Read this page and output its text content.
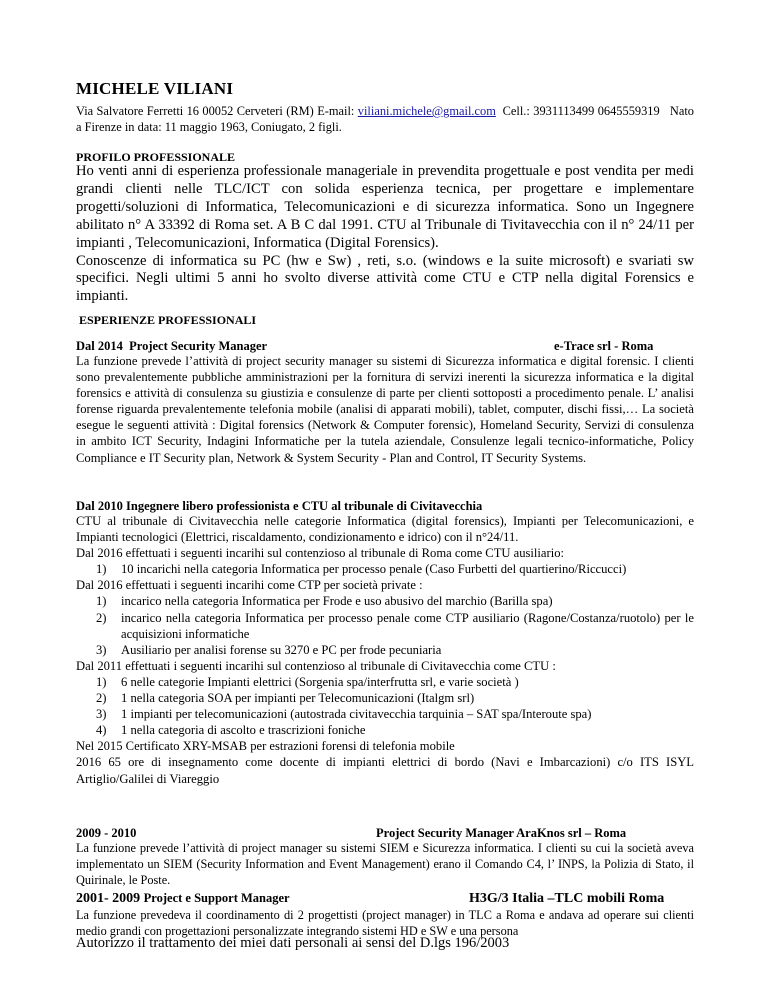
MICHELE VILIANI
Via Salvatore Ferretti 16 00052 Cerveteri (RM) E-mail: viliani.michele@gmail.com Cell.: 3931113499 0645559319 Nato a Firenze in data: 11 maggio 1963, Coniugato, 2 figli.
PROFILO PROFESSIONALE

Ho venti anni di esperienza professionale manageriale in prevendita progettuale e post vendita per medi grandi clienti nelle TLC/ICT con solida esperienza tecnica, per progettare e implementare progetti/soluzioni di Informatica, Telecomunicazioni e di sicurezza informatica. Sono un Ingegnere abilitato n° A 33392 di Roma set. A B C dal 1991. CTU al Tribunale di Tivitavecchia con il n° 24/11 per impianti , Telecomunicazioni, Informatica (Digital Forensics).

Conoscenze di informatica su PC (hw e Sw) , reti, s.o. (windows e la suite microsoft) e svariati sw specifici. Negli ultimi 5 anni ho svolto diverse attività come CTU e CTP nella digital Forensics e impianti.

ESPERIENZE PROFESSIONALI
Dal 2014 Project Security Manager	e-Trace srl - Roma

La funzione prevede l’attività di project security manager su sistemi di Sicurezza informatica e digital forensic. I clienti sono prevalentemente pubbliche amministrazioni per la fornitura di servizi inerenti la sicurezza informatica e la digital forensics e attività di consulenza su giustizia e consulenze di parte per clienti sottoposti a procedimento penale. L’ analisi forense riguarda prevalentemente telefonia mobile (analisi di apparati mobili), tablet, computer, dischi fissi,… La società esegue le seguenti attività : Digital forensics (Network & Computer forensic), Homeland Security, Servizi di consulenza in ambito ICT Security, Indagini Informatiche per la tutela aziendale, Consulenze legali tecnico-informatiche, Policy Compliance e IT Security plan, Network & System Security - Plan and Control, IT Security Systems.

Dal 2010 Ingegnere libero professionista e CTU al tribunale di Civitavecchia

CTU al tribunale di Civitavecchia nelle categorie Informatica (digital forensics), Impianti per Telecomunicazioni, e Impianti tecnologici (Elettrici, riscaldamento, condizionamento e idrico) con il n°24/11.

Dal 2016 effettuati i seguenti incarihi sul contenzioso al tribunale di Roma come CTU ausiliario:

1) 10 incarichi nella categoria Informatica per processo penale (Caso Furbetti del quartierino/Riccucci)

Dal 2016 effettuati i seguenti incarihi come CTP per società private :

1) incarico nella categoria Informatica per Frode e uso abusivo del marchio (Barilla spa)
2) incarico nella categoria Informatica per processo penale come CTP ausiliario (Ragone/Costanza/ruotolo) per le acquisizioni informatiche
3) Ausiliario per analisi forense su 3270 e PC per frode pecuniaria

Dal 2011 effettuati i seguenti incarihi sul contenzioso al tribunale di Civitavecchia come CTU :

1) 6 nelle categorie Impianti elettrici (Sorgenia spa/interfrutta srl, e varie società )
2) 1 nella categoria SOA per impianti per Telecomunicazioni (Italgm srl)
3) 1 impianti per telecomunicazioni (autostrada civitavecchia tarquinia – SAT spa/Interoute spa)
4) 1 nella categoria di ascolto e trascrizioni foniche

Nel 2015 Certificato XRY-MSAB per estrazioni forensi di telefonia mobile

2016 65 ore di insegnamento come docente di impianti elettrici di bordo (Navi e Imbarcazioni) c/o ITS ISYL Artiglio/Galilei di Viareggio

2009 - 2010	Project Security Manager AraKnos srl – Roma

La funzione prevede l’attività di project manager su sistemi SIEM e Sicurezza informatica. I clienti su cui la società aveva implementato un SIEM (Security Information and Event Management) erano il Comando C4, l’ INPS, la Polizia di Stato, il Quirinale, le Poste.

2001- 2009 Project e Support Manager	H3G/3 Italia –TLC mobili Roma

La funzione prevedeva il coordinamento di 2 progettisti (project manager) in TLC a Roma e andava ad operare sui clienti medio grandi con progettazioni personalizzate integrando sistemi HD e SW e una persona

Autorizzo il trattamento dei miei dati personali ai sensi del D.lgs 196/2003
